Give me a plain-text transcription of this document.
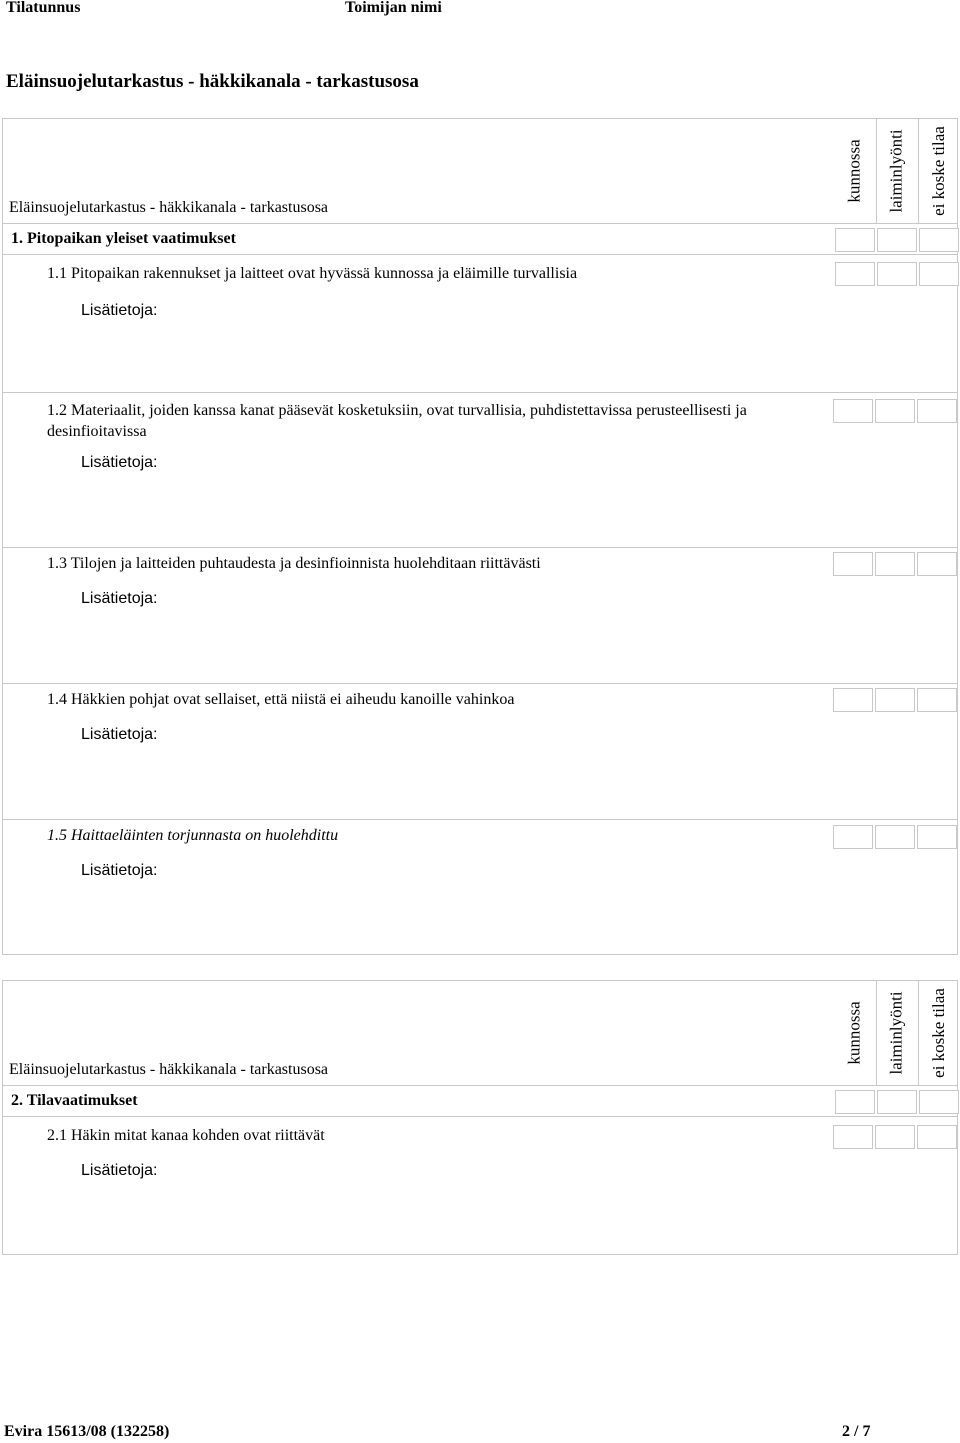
Tilatunnus	Toimijan nimi
Eläinsuojelutarkastus - häkkikanala - tarkastusosa
Eläinsuojelutarkastus - häkkikanala - tarkastusosa
kunnossa laiminlyönti ei koske tilaa
1. Pitopaikan yleiset vaatimukset
1.1 Pitopaikan rakennukset ja laitteet ovat hyvässä kunnossa ja eläimille turvallisia
Lisätietoja:
1.2 Materiaalit, joiden kanssa kanat pääsevät kosketuksiin, ovat turvallisia, puhdistettavissa perusteellisesti ja desinfioitavissa
Lisätietoja:
1.3 Tilojen ja laitteiden puhtaudesta ja desinfioinnista huolehditaan riittävästi
Lisätietoja:
1.4 Häkkien pohjat ovat sellaiset, että niistä ei aiheudu kanoille vahinkoa
Lisätietoja:
1.5 Haittaeläinten torjunnasta on huolehdittu
Lisätietoja:
Eläinsuojelutarkastus - häkkikanala - tarkastusosa
kunnossa laiminlyönti ei koske tilaa
2. Tilavaatimukset
2.1 Häkin mitat kanaa kohden ovat riittävät
Lisätietoja:
Evira 15613/08 (132258)	2 / 7
